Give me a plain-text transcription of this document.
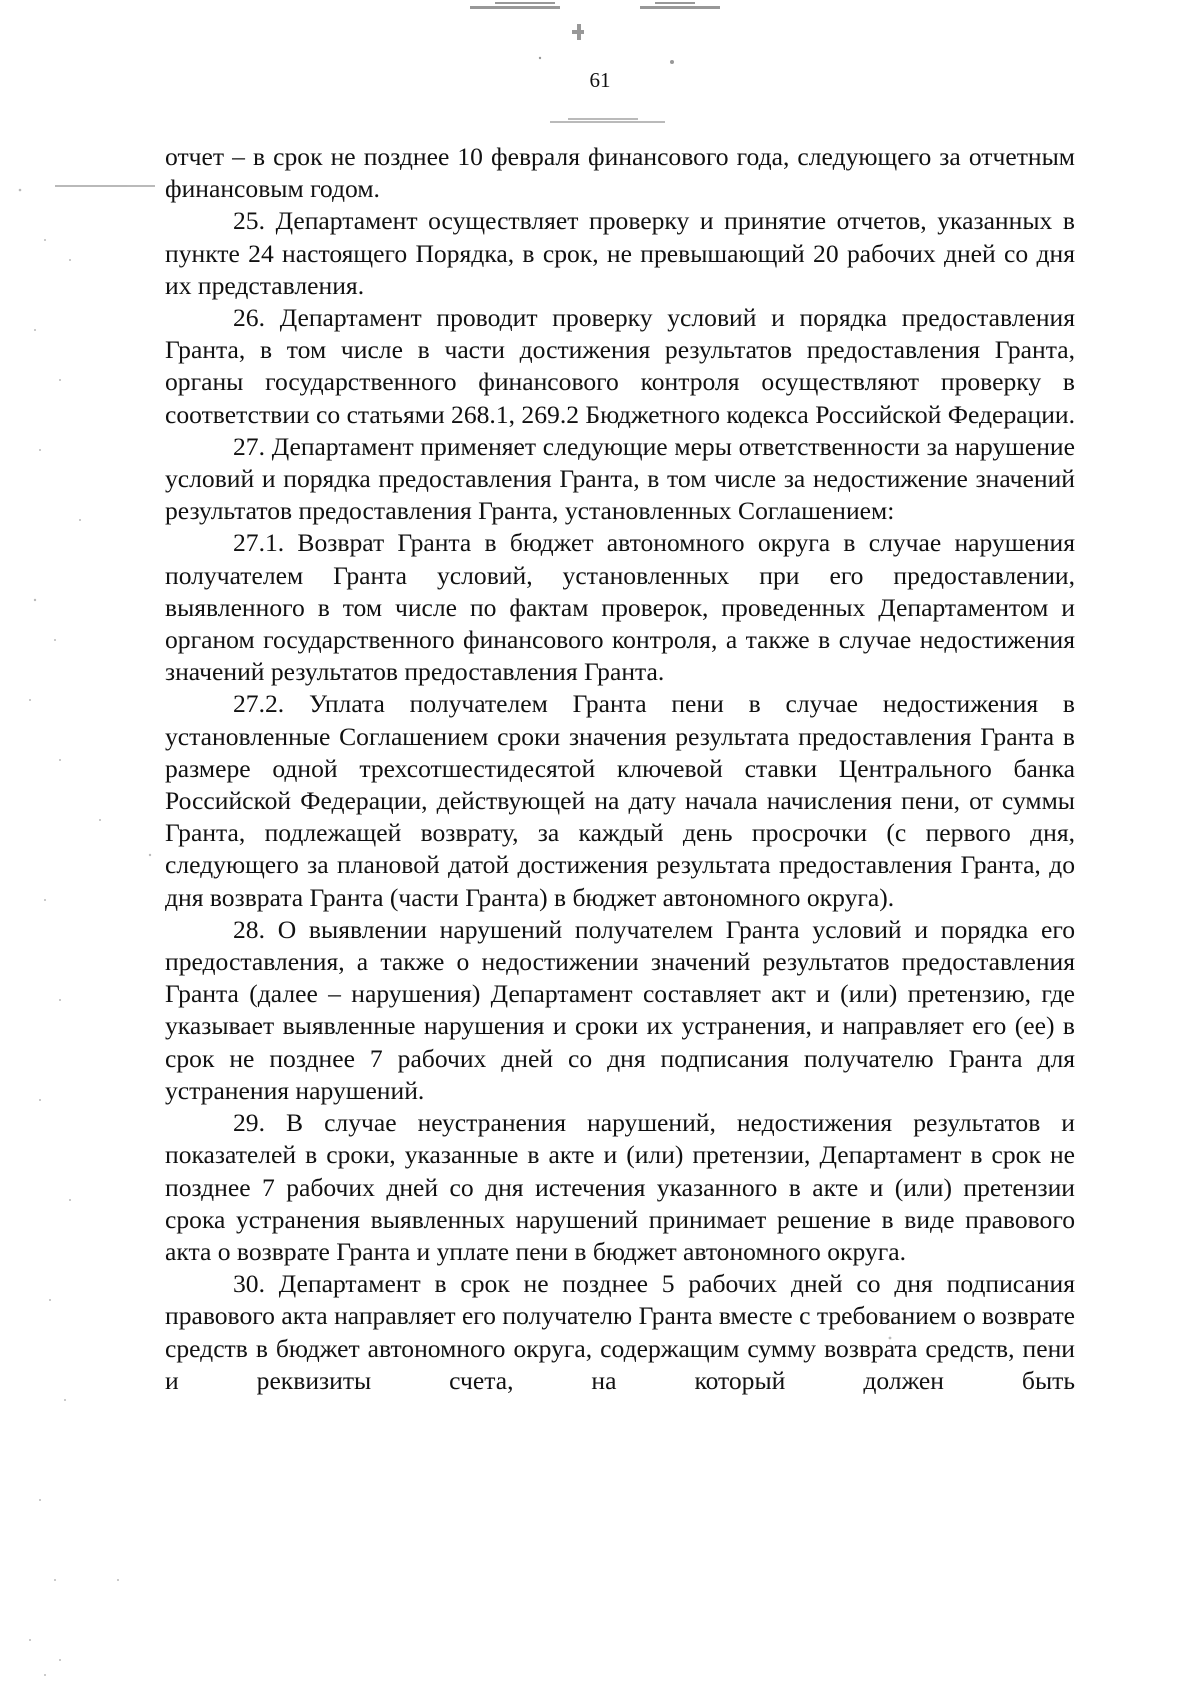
61

отчет – в срок не позднее 10 февраля финансового года, следующего за отчетным финансовым годом.

25. Департамент осуществляет проверку и принятие отчетов, указанных в пункте 24 настоящего Порядка, в срок, не превышающий 20 рабочих дней со дня их представления.

26. Департамент проводит проверку условий и порядка предоставления Гранта, в том числе в части достижения результатов предоставления Гранта, органы государственного финансового контроля осуществляют проверку в соответствии со статьями 268.1, 269.2 Бюджетного кодекса Российской Федерации.

27. Департамент применяет следующие меры ответственности за нарушение условий и порядка предоставления Гранта, в том числе за недостижение значений результатов предоставления Гранта, установленных Соглашением:

27.1. Возврат Гранта в бюджет автономного округа в случае нарушения получателем Гранта условий, установленных при его предоставлении, выявленного в том числе по фактам проверок, проведенных Департаментом и органом государственного финансового контроля, а также в случае недостижения значений результатов предоставления Гранта.

27.2. Уплата получателем Гранта пени в случае недостижения в установленные Соглашением сроки значения результата предоставления Гранта в размере одной трехсотшестидесятой ключевой ставки Центрального банка Российской Федерации, действующей на дату начала начисления пени, от суммы Гранта, подлежащей возврату, за каждый день просрочки (с первого дня, следующего за плановой датой достижения результата предоставления Гранта, до дня возврата Гранта (части Гранта) в бюджет автономного округа).

28. О выявлении нарушений получателем Гранта условий и порядка его предоставления, а также о недостижении значений результатов предоставления Гранта (далее – нарушения) Департамент составляет акт и (или) претензию, где указывает выявленные нарушения и сроки их устранения, и направляет его (ее) в срок не позднее 7 рабочих дней со дня подписания получателю Гранта для устранения нарушений.

29. В случае неустранения нарушений, недостижения результатов и показателей в сроки, указанные в акте и (или) претензии, Департамент в срок не позднее 7 рабочих дней со дня истечения указанного в акте и (или) претензии срока устранения выявленных нарушений принимает решение в виде правового акта о возврате Гранта и уплате пени в бюджет автономного округа.

30. Департамент в срок не позднее 5 рабочих дней со дня подписания правового акта направляет его получателю Гранта вместе с требованием о возврате средств в бюджет автономного округа, содержащим сумму возврата средств, пени и реквизиты счета, на который должен быть
